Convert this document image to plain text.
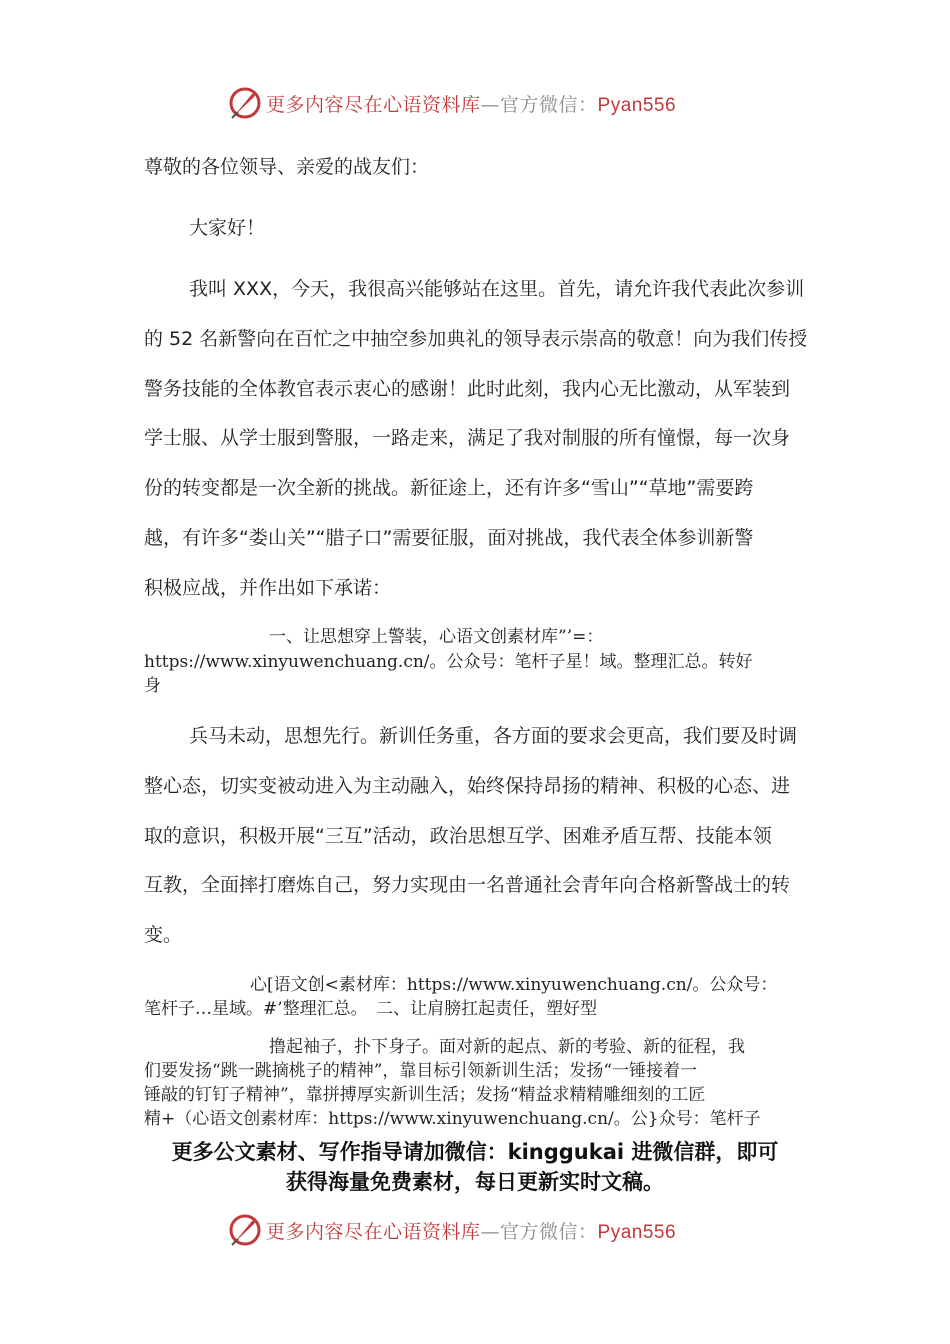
更多内容尽在心语资料库—官方微信：Pyan556
尊敬的各位领导、亲爱的战友们：
大家好！
我叫 XXX，今天，我很高兴能够站在这里。首先，请允许我代表此次参训
的 52 名新警向在百忙之中抽空参加典礼的领导表示崇高的敬意！向为我们传授
警务技能的全体教官表示衷心的感谢！此时此刻，我内心无比激动，从军装到
学士服、从学士服到警服，一路走来，满足了我对制服的所有憧憬，每一次身
份的转变都是一次全新的挑战。新征途上，还有许多“雪山”“草地”需要跨
越，有许多“娄山关”“腊子口”需要征服，面对挑战，我代表全体参训新警
积极应战，并作出如下承诺：
一、让思想穿上警装，心语文创素材库”’=：
https://www.xinyuwenchuang.cn/。公众号：笔杆子星！域。整理汇总。转好
身
兵马未动，思想先行。新训任务重，各方面的要求会更高，我们要及时调
整心态，切实变被动进入为主动融入，始终保持昂扬的精神、积极的心态、进
取的意识，积极开展“三互”活动，政治思想互学、困难矛盾互帮、技能本领
互教，全面摔打磨炼自己，努力实现由一名普通社会青年向合格新警战士的转
变。
心[语文创<素材库：https://www.xinyuwenchuang.cn/。公众号：
笔杆子…星域。#’整理汇总。　二、让肩膀扛起责任，塑好型
撸起袖子，扑下身子。面对新的起点、新的考验、新的征程，我
们要发扬“跳一跳摘桃子的精神”，靠目标引领新训生活；发扬“一锤接着一
锤敲的钉钉子精神”，靠拼搏厚实新训生活；发扬“精益求精精雕细刻的工匠
精+（心语文创素材库：https://www.xinyuwenchuang.cn/。公}众号：笔杆子
更多公文素材、写作指导请加微信：kinggukai 进微信群，即可
获得海量免费素材，每日更新实时文稿。
更多内容尽在心语资料库—官方微信：Pyan556
